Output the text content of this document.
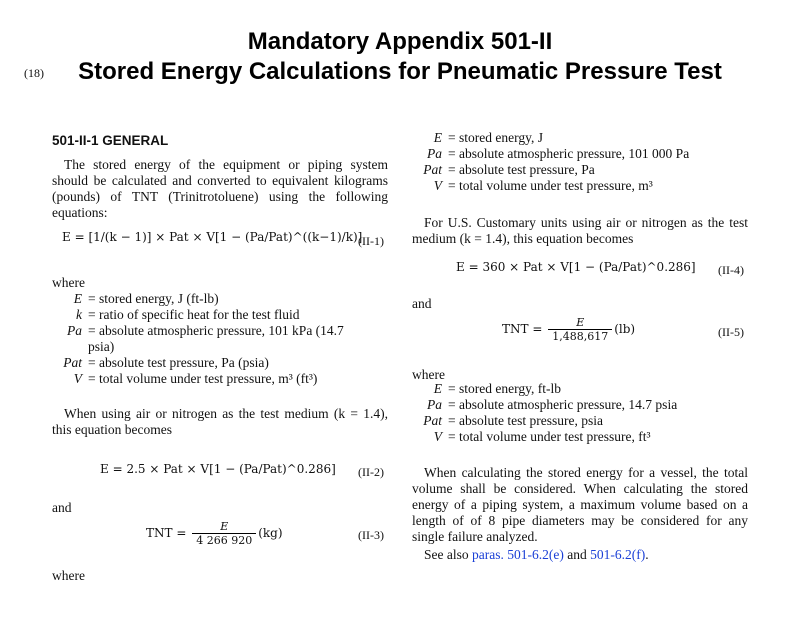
(18)
Mandatory Appendix 501-II
Stored Energy Calculations for Pneumatic Pressure Test
501-II-1 GENERAL
The stored energy of the equipment or piping system should be calculated and converted to equivalent kilograms (pounds) of TNT (Trinitrotoluene) using the following equations:
E = [1/(k − 1)] × Pat × V[1 − (Pa/Pat)^((k−1)/k)]
(II-1)
where
E = stored energy, J (ft-lb)
k = ratio of specific heat for the test fluid
Pa = absolute atmospheric pressure, 101 kPa (14.7
psia)
Pat = absolute test pressure, Pa (psia)
V = total volume under test pressure, m³ (ft³)
When using air or nitrogen as the test medium (k = 1.4), this equation becomes
E = 2.5 × Pat × V[1 − (Pa/Pat)^0.286] (II-2)
and
TNT = $\frac{E}{4 266 920} (kg)$	(II-3)
where
E = stored energy, J
Pa = absolute atmospheric pressure, 101 000 Pa
Pat = absolute test pressure, Pa
V = total volume under test pressure, m³
For U.S. Customary units using air or nitrogen as the test medium (k = 1.4), this equation becomes
E = 360 × Pat × V[1 − (Pa/Pat)^0.286] (II-4)
and
TNT = $\frac{E}{1,488,617} (lb)$	(II-5)
where
E = stored energy, ft-lb
Pa = absolute atmospheric pressure, 14.7 psia
Pat = absolute test pressure, psia
V = total volume under test pressure, ft³
When calculating the stored energy for a vessel, the total volume shall be considered. When calculating the stored energy of a piping system, a maximum volume based on a length of of 8 pipe diameters may be considered for any single failure analyzed.
See also paras. 501-6.2(e) and 501-6.2(f).
